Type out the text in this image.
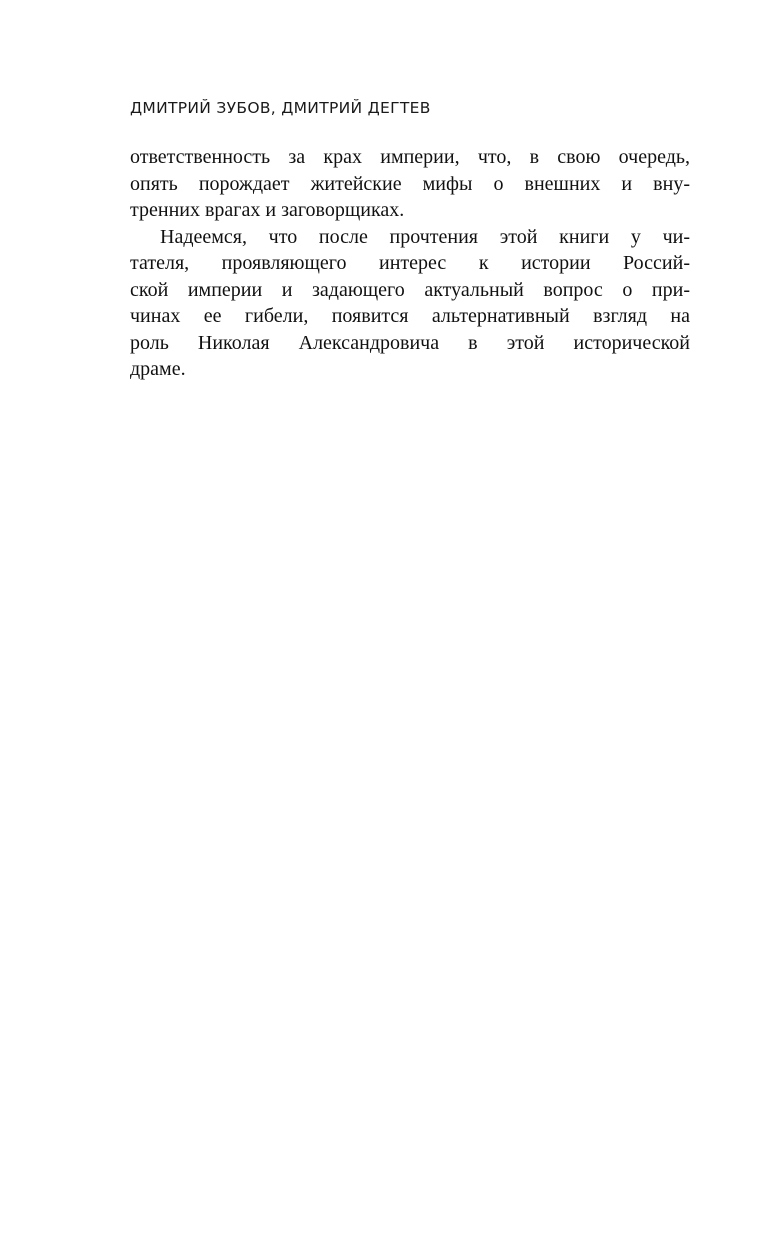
ДМИТРИЙ ЗУБОВ, ДМИТРИЙ ДЕГТЕВ
ответственность за крах империи, что, в свою очередь,
опять порождает житейские мифы о внешних и вну-
тренних врагах и заговорщиках.
Надеемся, что после прочтения этой книги у чи-
тателя, проявляющего интерес к истории Россий-
ской империи и задающего актуальный вопрос о при-
чинах ее гибели, появится альтернативный взгляд на
роль Николая Александровича в этой исторической
драме.
